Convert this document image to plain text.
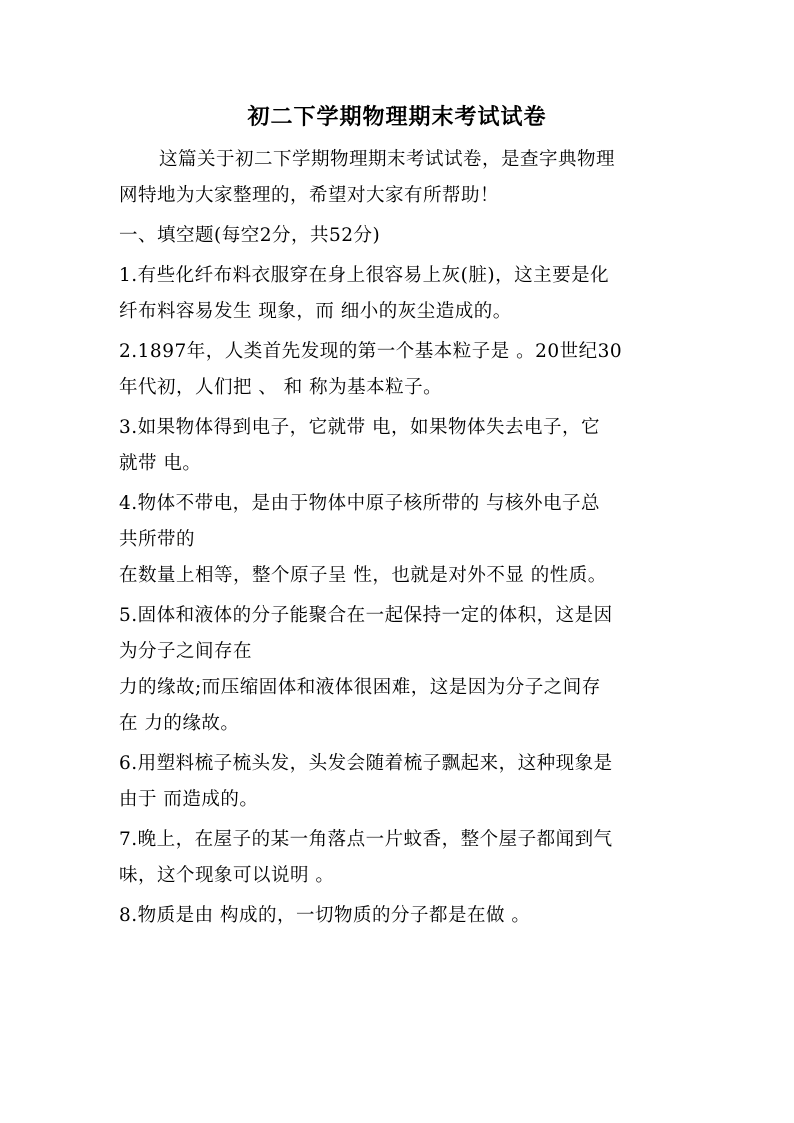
初二下学期物理期末考试试卷
这篇关于初二下学期物理期末考试试卷，是查字典物理
网特地为大家整理的，希望对大家有所帮助！
一、填空题(每空2分，共52分)
1.有些化纤布料衣服穿在身上很容易上灰(脏)，这主要是化
纤布料容易发生 现象，而 细小的灰尘造成的。
2.1897年，人类首先发现的第一个基本粒子是 。20世纪30
年代初，人们把 、 和 称为基本粒子。
3.如果物体得到电子，它就带 电，如果物体失去电子，它
就带 电。
4.物体不带电，是由于物体中原子核所带的 与核外电子总
共所带的
在数量上相等，整个原子呈 性，也就是对外不显 的性质。
5.固体和液体的分子能聚合在一起保持一定的体积，这是因
为分子之间存在
力的缘故;而压缩固体和液体很困难，这是因为分子之间存
在 力的缘故。
6.用塑料梳子梳头发，头发会随着梳子飘起来，这种现象是
由于 而造成的。
7.晚上，在屋子的某一角落点一片蚊香，整个屋子都闻到气
味，这个现象可以说明 。
8.物质是由 构成的，一切物质的分子都是在做 。
